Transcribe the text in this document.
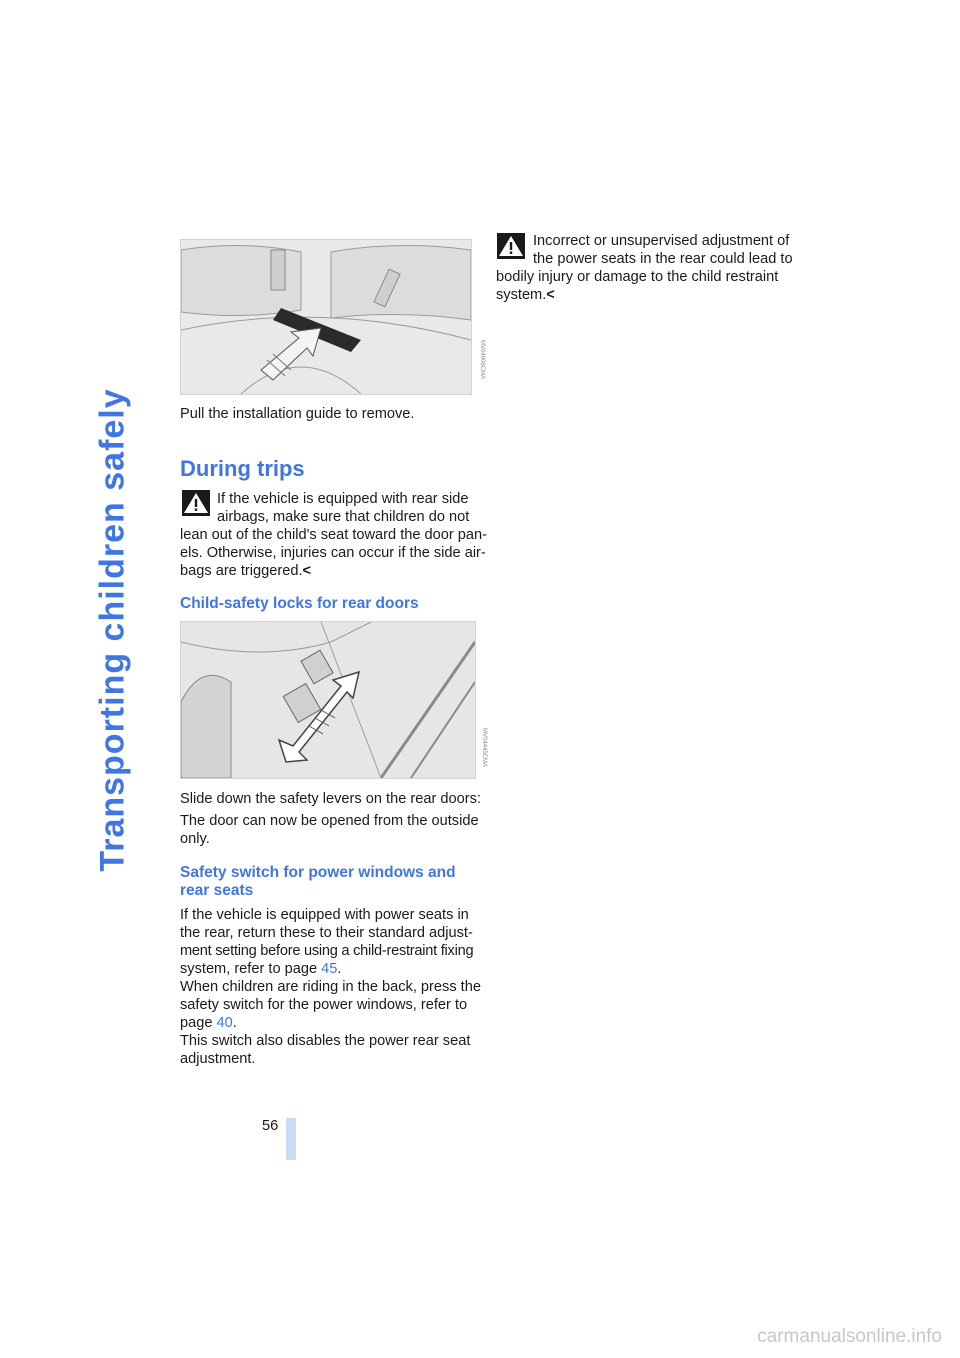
Transporting children safely
MV04906CMA
Pull the installation guide to remove.
During trips
If the vehicle is equipped with rear side
airbags, make sure that children do not
lean out of the child's seat toward the door pan-
els. Otherwise, injuries can occur if the side air-
bags are triggered.<
Child-safety locks for rear doors
MV04445CMA
Slide down the safety levers on the rear doors:
The door can now be opened from the outside
only.
Safety switch for power windows and
rear seats
If the vehicle is equipped with power seats in
the rear, return these to their standard adjust-
ment setting before using a child-restraint fixing
system, refer to page 45.
When children are riding in the back, press the
safety switch for the power windows, refer to
page 40.
This switch also disables the power rear seat
adjustment.
Incorrect or unsupervised adjustment of
the power seats in the rear could lead to
bodily injury or damage to the child restraint
system.<
56
carmanualsonline.info
